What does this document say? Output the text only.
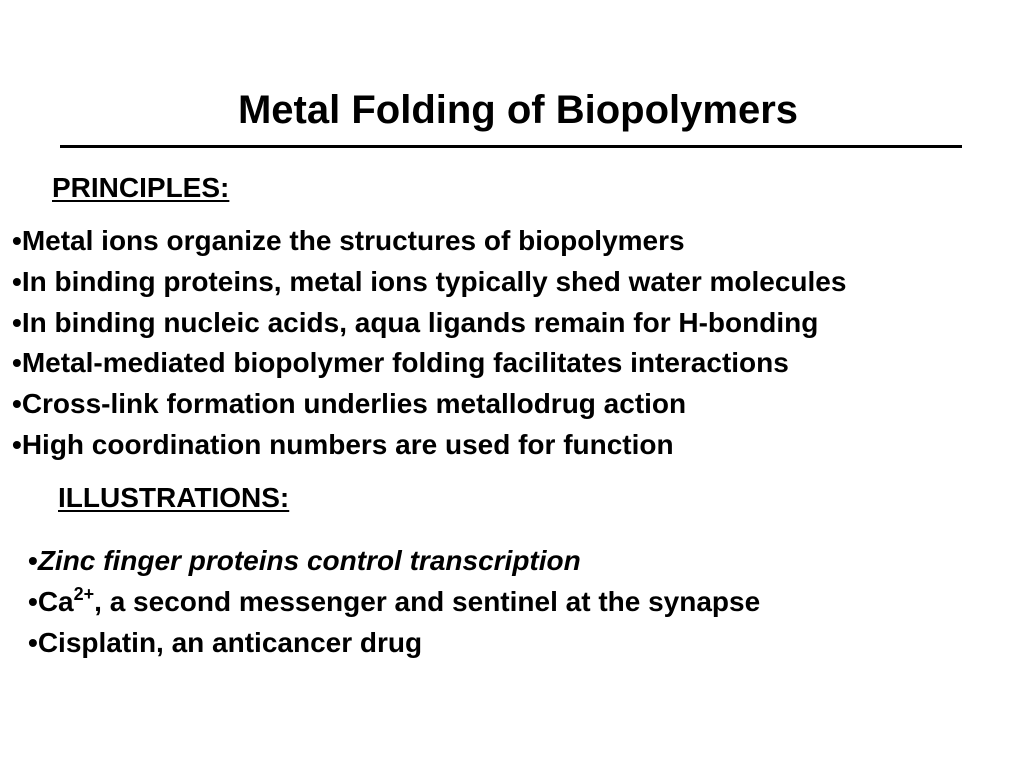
Metal Folding of Biopolymers
PRINCIPLES:
•Metal ions organize the structures of biopolymers
•In binding proteins, metal ions typically shed water molecules
•In binding nucleic acids, aqua ligands remain for H-bonding
•Metal-mediated biopolymer folding facilitates interactions
•Cross-link formation underlies metallodrug action
•High coordination numbers are used for function
ILLUSTRATIONS:
•Zinc finger proteins control transcription
$•Ca^{2+}$, a second messenger and sentinel at the synapse
•Cisplatin, an anticancer drug
